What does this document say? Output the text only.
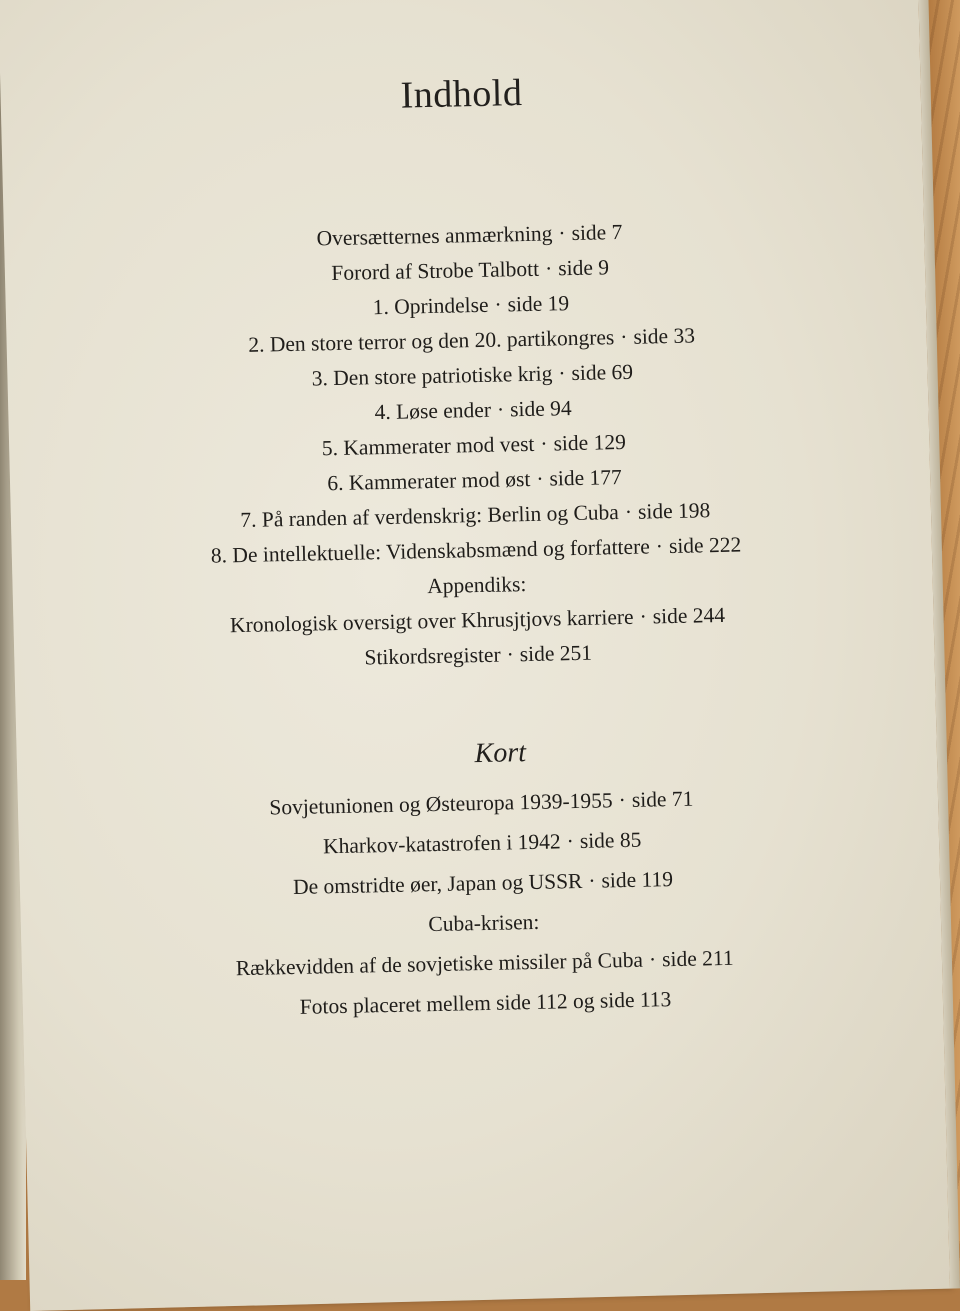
Indhold
Oversætternes anmærkning · side 7
Forord af Strobe Talbott · side 9
1. Oprindelse · side 19
2. Den store terror og den 20. partikongres · side 33
3. Den store patriotiske krig · side 69
4. Løse ender · side 94
5. Kammerater mod vest · side 129
6. Kammerater mod øst · side 177
7. På randen af verdenskrig: Berlin og Cuba · side 198
8. De intellektuelle: Videnskabsmænd og forfattere · side 222
Appendiks:
Kronologisk oversigt over Khrusjtjovs karriere · side 244
Stikordsregister · side 251
Kort
Sovjetunionen og Østeuropa 1939-1955 · side 71
Kharkov-katastrofen i 1942 · side 85
De omstridte øer, Japan og USSR · side 119
Cuba-krisen:
Rækkevidden af de sovjetiske missiler på Cuba · side 211
Fotos placeret mellem side 112 og side 113
